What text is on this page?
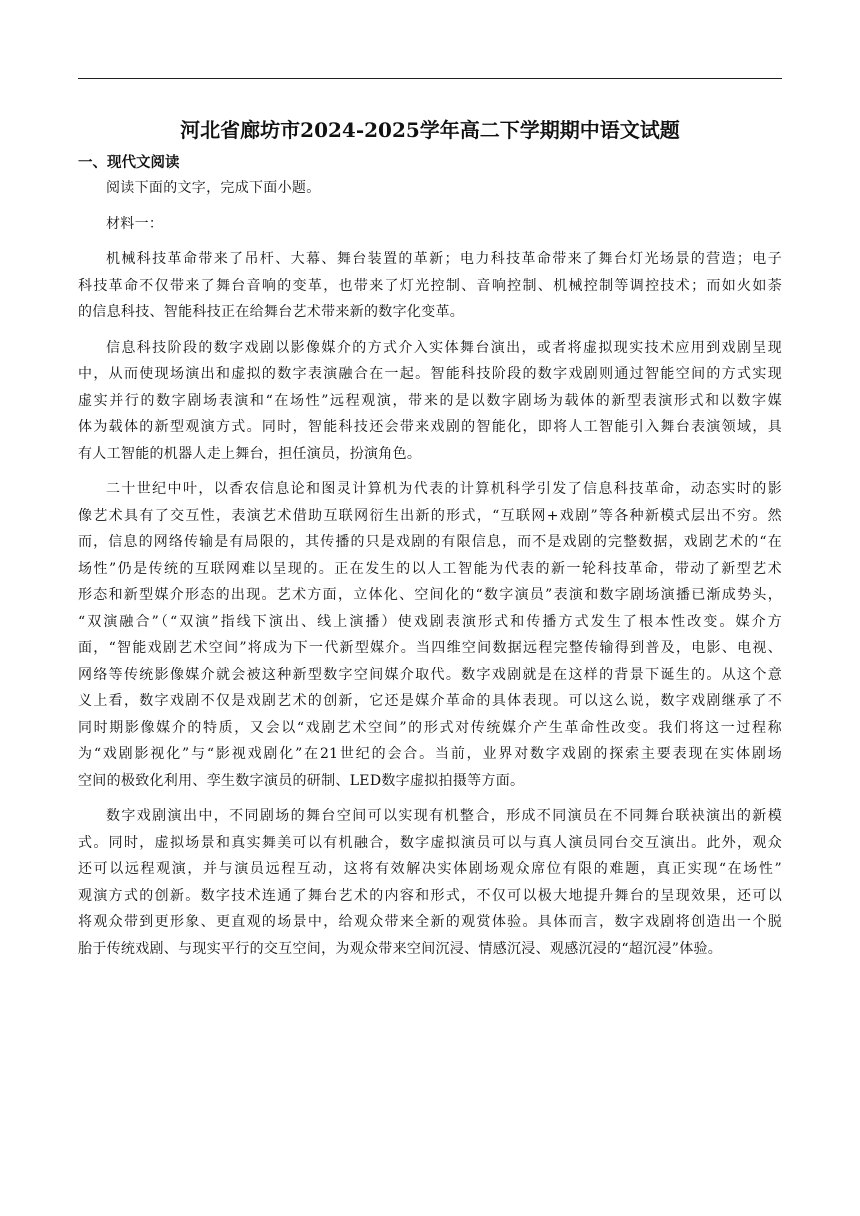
河北省廊坊市2024-2025学年高二下学期期中语文试题
一、现代文阅读

阅读下面的文字，完成下面小题。

材料一：

机械科技革命带来了吊杆、大幕、舞台装置的革新；电力科技革命带来了舞台灯光场景的营造；电子
科技革命不仅带来了舞台音响的变革，也带来了灯光控制、音响控制、机械控制等调控技术；而如火如荼
的信息科技、智能科技正在给舞台艺术带来新的数字化变革。
信息科技阶段的数字戏剧以影像媒介的方式介入实体舞台演出，或者将虚拟现实技术应用到戏剧呈现
中，从而使现场演出和虚拟的数字表演融合在一起。智能科技阶段的数字戏剧则通过智能空间的方式实现
虚实并行的数字剧场表演和“在场性”远程观演，带来的是以数字剧场为载体的新型表演形式和以数字媒
体为载体的新型观演方式。同时，智能科技还会带来戏剧的智能化，即将人工智能引入舞台表演领域，具
有人工智能的机器人走上舞台，担任演员，扮演角色。
二十世纪中叶，以香农信息论和图灵计算机为代表的计算机科学引发了信息科技革命，动态实时的影
像艺术具有了交互性，表演艺术借助互联网衍生出新的形式，“互联网+戏剧”等各种新模式层出不穷。然
而，信息的网络传输是有局限的，其传播的只是戏剧的有限信息，而不是戏剧的完整数据，戏剧艺术的“在
场性”仍是传统的互联网难以呈现的。正在发生的以人工智能为代表的新一轮科技革命，带动了新型艺术
形态和新型媒介形态的出现。艺术方面，立体化、空间化的“数字演员”表演和数字剧场演播已渐成势头，
“双演融合”（“双演”指线下演出、线上演播）使戏剧表演形式和传播方式发生了根本性改变。媒介方
面，“智能戏剧艺术空间”将成为下一代新型媒介。当四维空间数据远程完整传输得到普及，电影、电视、
网络等传统影像媒介就会被这种新型数字空间媒介取代。数字戏剧就是在这样的背景下诞生的。从这个意
义上看，数字戏剧不仅是戏剧艺术的创新，它还是媒介革命的具体表现。可以这么说，数字戏剧继承了不
同时期影像媒介的特质，又会以“戏剧艺术空间”的形式对传统媒介产生革命性改变。我们将这一过程称
为“戏剧影视化”与“影视戏剧化”在21世纪的会合。当前，业界对数字戏剧的探索主要表现在实体剧场
空间的极致化利用、孪生数字演员的研制、LED数字虚拟拍摄等方面。
数字戏剧演出中，不同剧场的舞台空间可以实现有机整合，形成不同演员在不同舞台联袂演出的新模
式。同时，虚拟场景和真实舞美可以有机融合，数字虚拟演员可以与真人演员同台交互演出。此外，观众
还可以远程观演，并与演员远程互动，这将有效解决实体剧场观众席位有限的难题，真正实现“在场性”
观演方式的创新。数字技术连通了舞台艺术的内容和形式，不仅可以极大地提升舞台的呈现效果，还可以
将观众带到更形象、更直观的场景中，给观众带来全新的观赏体验。具体而言，数字戏剧将创造出一个脱
胎于传统戏剧、与现实平行的交互空间，为观众带来空间沉浸、情感沉浸、观感沉浸的“超沉浸”体验。
